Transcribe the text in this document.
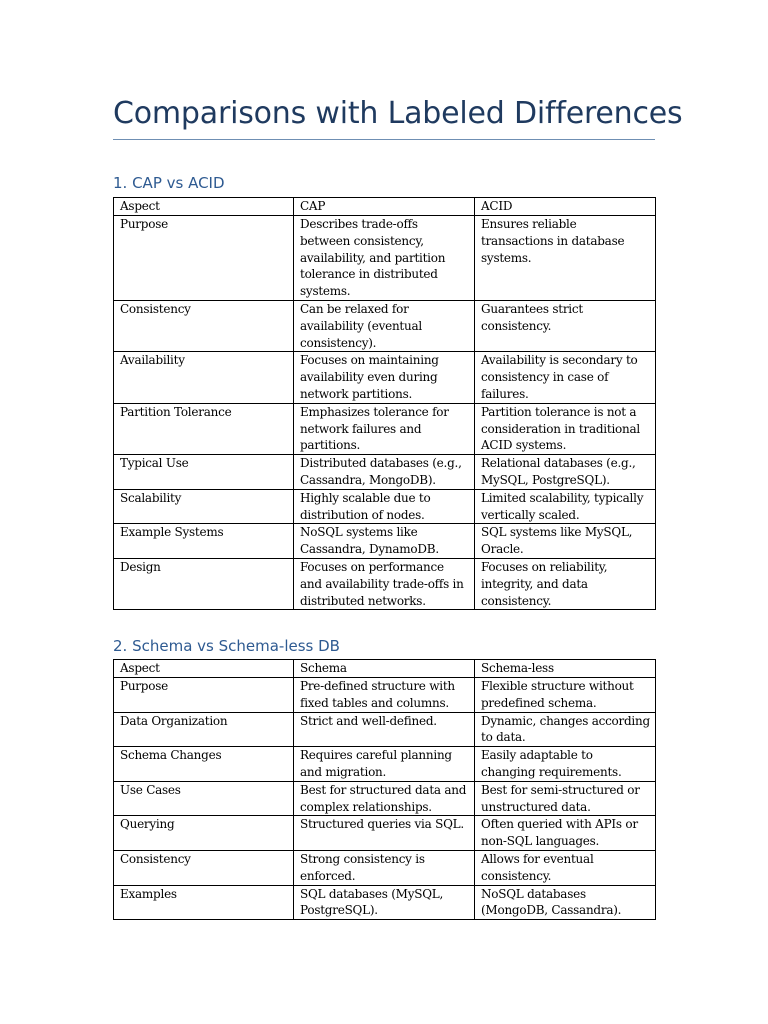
Comparisons with Labeled Differences
1. CAP vs ACID
Aspect	CAP	ACID
Purpose	Describes trade-offs between consistency, availability, and partition tolerance in distributed systems.	Ensures reliable transactions in database systems.
Consistency	Can be relaxed for availability (eventual consistency).	Guarantees strict consistency.
Availability	Focuses on maintaining availability even during network partitions.	Availability is secondary to consistency in case of failures.
Partition Tolerance	Emphasizes tolerance for network failures and partitions.	Partition tolerance is not a consideration in traditional ACID systems.
Typical Use	Distributed databases (e.g., Cassandra, MongoDB).	Relational databases (e.g., MySQL, PostgreSQL).
Scalability	Highly scalable due to distribution of nodes.	Limited scalability, typically vertically scaled.
Example Systems	NoSQL systems like Cassandra, DynamoDB.	SQL systems like MySQL, Oracle.
Design	Focuses on performance and availability trade-offs in distributed networks.	Focuses on reliability, integrity, and data consistency.
2. Schema vs Schema-less DB
Aspect	Schema	Schema-less
Purpose	Pre-defined structure with fixed tables and columns.	Flexible structure without predefined schema.
Data Organization	Strict and well-defined.	Dynamic, changes according to data.
Schema Changes	Requires careful planning and migration.	Easily adaptable to changing requirements.
Use Cases	Best for structured data and complex relationships.	Best for semi-structured or unstructured data.
Querying	Structured queries via SQL.	Often queried with APIs or non-SQL languages.
Consistency	Strong consistency is enforced.	Allows for eventual consistency.
Examples	SQL databases (MySQL, PostgreSQL).	NoSQL databases (MongoDB, Cassandra).
